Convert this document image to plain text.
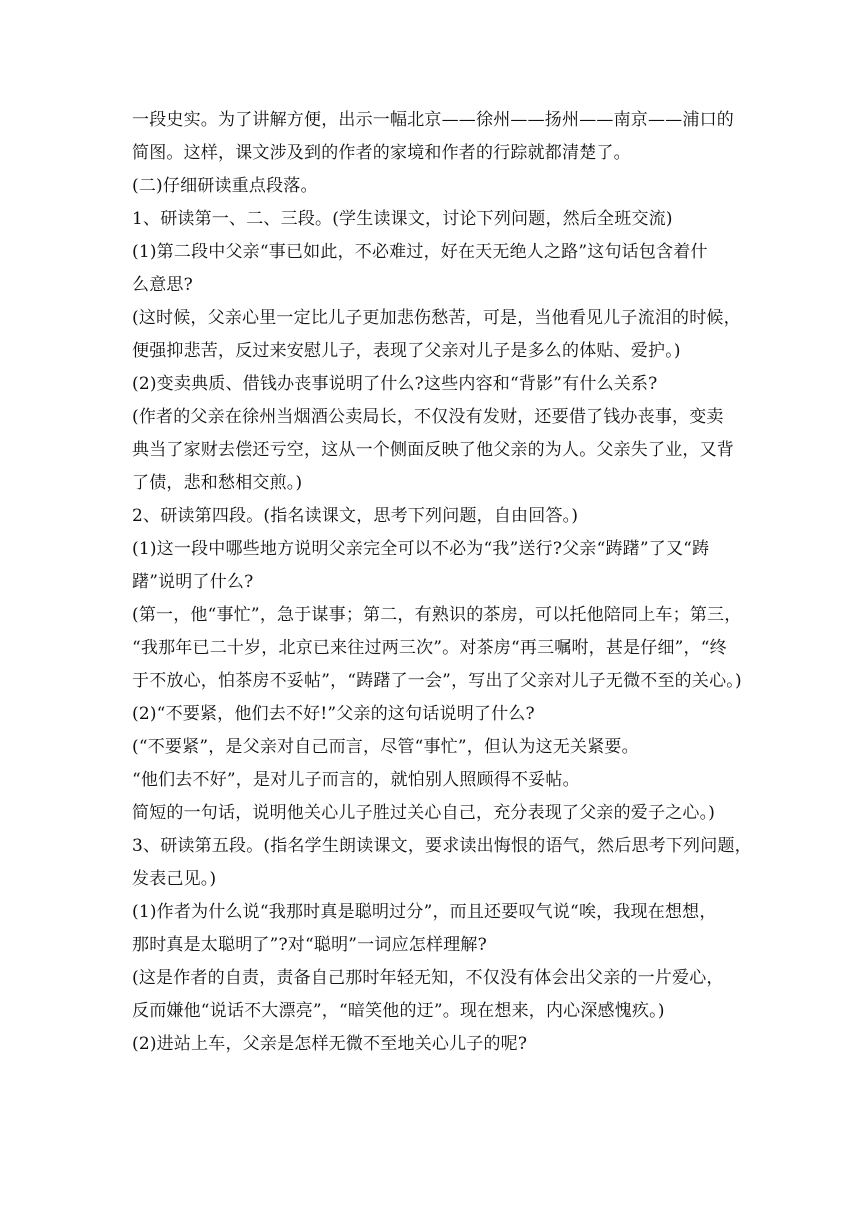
一段史实。为了讲解方便，出示一幅北京——徐州——扬州——南京——浦口的
简图。这样，课文涉及到的作者的家境和作者的行踪就都清楚了。
(二)仔细研读重点段落。
1、研读第一、二、三段。(学生读课文，讨论下列问题，然后全班交流)
(1)第二段中父亲“事已如此，不必难过，好在天无绝人之路”这句话包含着什
么意思?
(这时候，父亲心里一定比儿子更加悲伤愁苦，可是，当他看见儿子流泪的时候，
便强抑悲苦，反过来安慰儿子，表现了父亲对儿子是多么的体贴、爱护。)
(2)变卖典质、借钱办丧事说明了什么?这些内容和“背影”有什么关系?
(作者的父亲在徐州当烟酒公卖局长，不仅没有发财，还要借了钱办丧事，变卖
典当了家财去偿还亏空，这从一个侧面反映了他父亲的为人。父亲失了业，又背
了债，悲和愁相交煎。)
2、研读第四段。(指名读课文，思考下列问题，自由回答。)
(1)这一段中哪些地方说明父亲完全可以不必为“我”送行?父亲“踌躇”了又“踌
躇”说明了什么?
(第一，他“事忙”，急于谋事；第二，有熟识的茶房，可以托他陪同上车；第三，
“我那年已二十岁，北京已来往过两三次”。对茶房“再三嘱咐，甚是仔细”，“终
于不放心，怕茶房不妥帖”，“踌躇了一会”，写出了父亲对儿子无微不至的关心。)
(2)“不要紧，他们去不好!”父亲的这句话说明了什么?
(“不要紧”，是父亲对自己而言，尽管“事忙”，但认为这无关紧要。
“他们去不好”，是对儿子而言的，就怕别人照顾得不妥帖。
简短的一句话，说明他关心儿子胜过关心自己，充分表现了父亲的爱子之心。)
3、研读第五段。(指名学生朗读课文，要求读出悔恨的语气，然后思考下列问题，
发表己见。)
(1)作者为什么说“我那时真是聪明过分”，而且还要叹气说“唉，我现在想想，
那时真是太聪明了”?对“聪明”一词应怎样理解?
(这是作者的自责，责备自己那时年轻无知，不仅没有体会出父亲的一片爱心，
反而嫌他“说话不大漂亮”，“暗笑他的迂”。现在想来，内心深感愧疚。)
(2)进站上车，父亲是怎样无微不至地关心儿子的呢?
